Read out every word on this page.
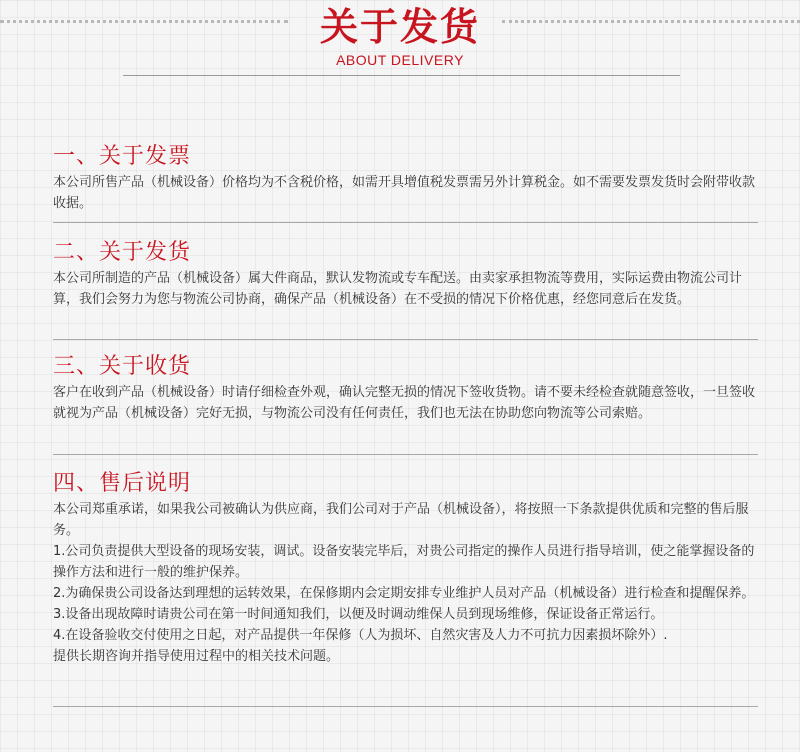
关于发货
ABOUT DELIVERY
一、关于发票

本公司所售产品（机械设备）价格均为不含税价格，如需开具增值税发票需另外计算税金。如不需要发票发货时会附带收款收据。

二、关于发货

本公司所制造的产品（机械设备）属大件商品，默认发物流或专车配送。由卖家承担物流等费用，实际运费由物流公司计算，我们会努力为您与物流公司协商，确保产品（机械设备）在不受损的情况下价格优惠，经您同意后在发货。

三、关于收货

客户在收到产品（机械设备）时请仔细检查外观，确认完整无损的情况下签收货物。请不要未经检查就随意签收，一旦签收就视为产品（机械设备）完好无损，与物流公司没有任何责任，我们也无法在协助您向物流等公司索赔。

四、售后说明

本公司郑重承诺，如果我公司被确认为供应商，我们公司对于产品（机械设备），将按照一下条款提供优质和完整的售后服务。

1.公司负责提供大型设备的现场安装，调试。设备安装完毕后，对贵公司指定的操作人员进行指导培训，使之能掌握设备的操作方法和进行一般的维护保养。

2.为确保贵公司设备达到理想的运转效果，在保修期内会定期安排专业维护人员对产品（机械设备）进行检查和提醒保养。

3.设备出现故障时请贵公司在第一时间通知我们，以便及时调动维保人员到现场维修，保证设备正常运行。

4.在设备验收交付使用之日起，对产品提供一年保修（人为损坏、自然灾害及人力不可抗力因素损坏除外）.

提供长期咨询并指导使用过程中的相关技术问题。
